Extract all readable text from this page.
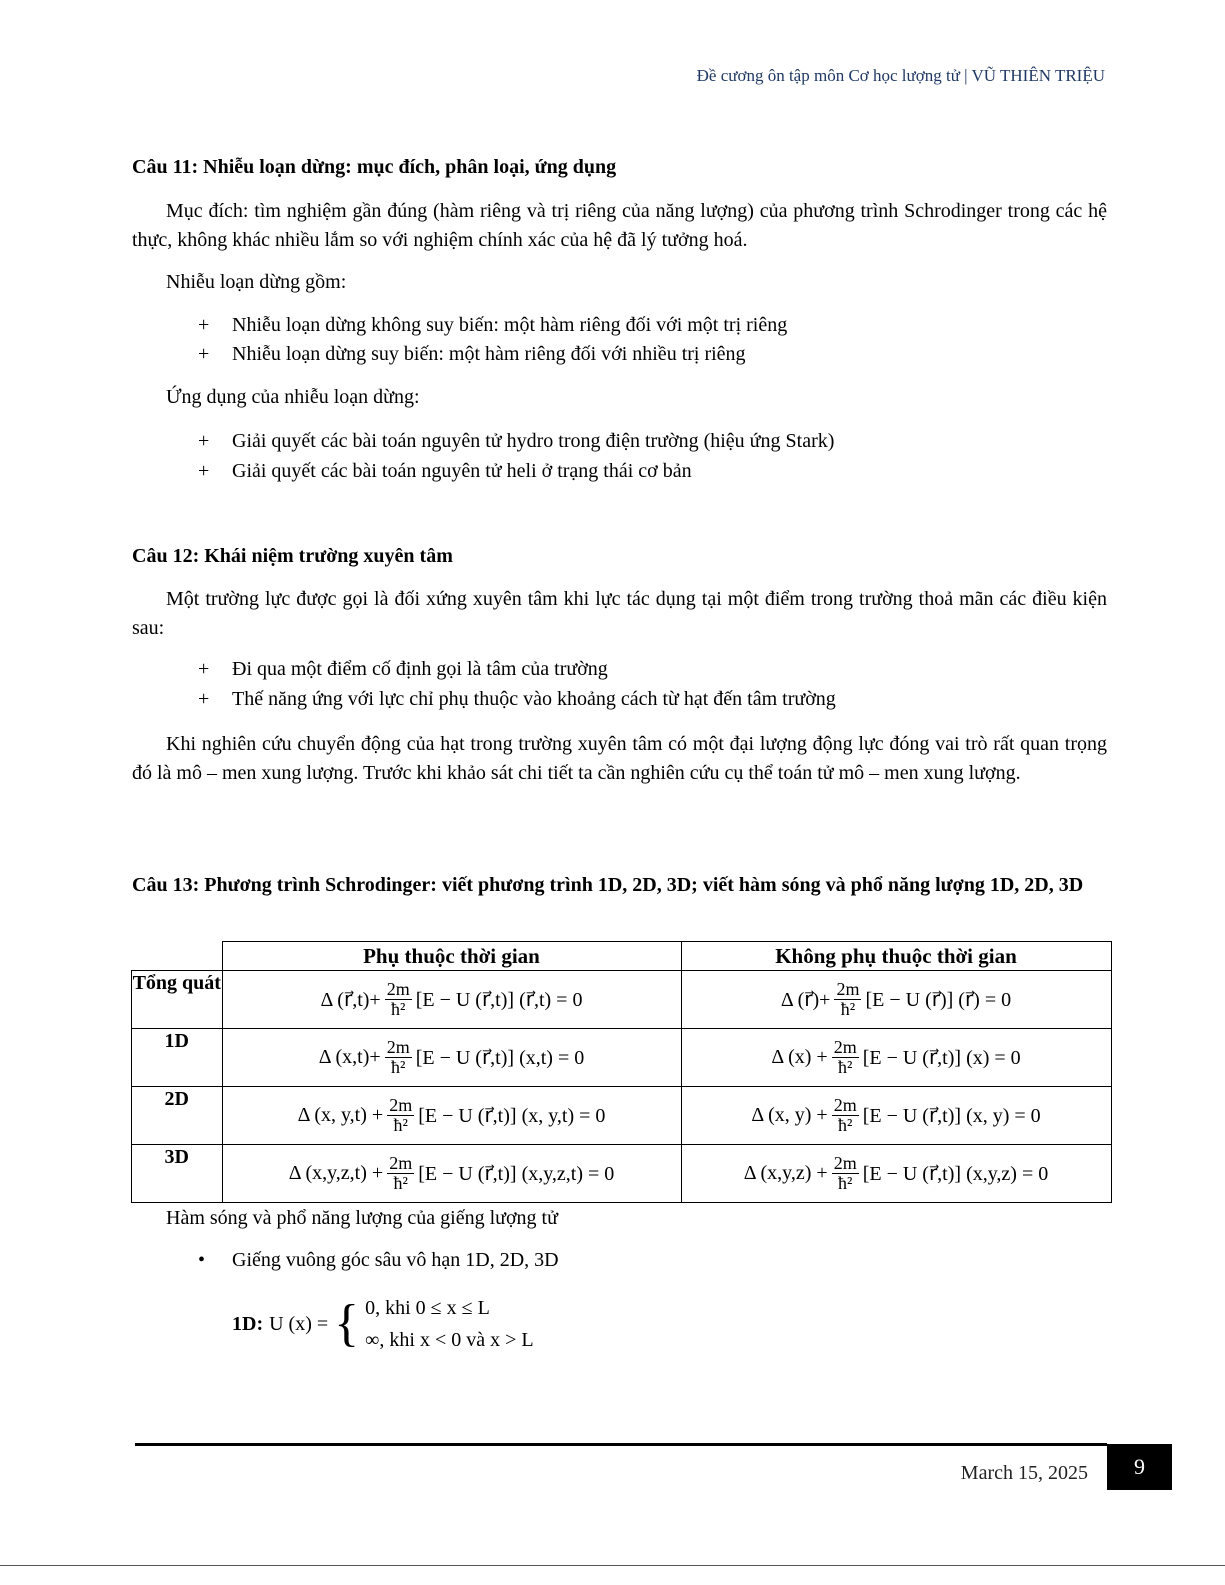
Đề cương ôn tập môn Cơ học lượng tử | VŨ THIÊN TRIỆU
Câu 11: Nhiễu loạn dừng: mục đích, phân loại, ứng dụng
Mục đích: tìm nghiệm gần đúng (hàm riêng và trị riêng của năng lượng) của phương trình Schrodinger trong các hệ thực, không khác nhiều lắm so với nghiệm chính xác của hệ đã lý tưởng hoá.
Nhiễu loạn dừng gồm:
+ Nhiễu loạn dừng không suy biến: một hàm riêng đối với một trị riêng
+ Nhiễu loạn dừng suy biến: một hàm riêng đối với nhiều trị riêng
Ứng dụng của nhiễu loạn dừng:
+ Giải quyết các bài toán nguyên tử hydro trong điện trường (hiệu ứng Stark)
+ Giải quyết các bài toán nguyên tử heli ở trạng thái cơ bản
Câu 12: Khái niệm trường xuyên tâm
Một trường lực được gọi là đối xứng xuyên tâm khi lực tác dụng tại một điểm trong trường thoả mãn các điều kiện sau:
+ Đi qua một điểm cố định gọi là tâm của trường
+ Thế năng ứng với lực chỉ phụ thuộc vào khoảng cách từ hạt đến tâm trường
Khi nghiên cứu chuyển động của hạt trong trường xuyên tâm có một đại lượng động lực đóng vai trò rất quan trọng đó là mô – men xung lượng. Trước khi khảo sát chi tiết ta cần nghiên cứu cụ thể toán tử mô – men xung lượng.
Câu 13: Phương trình Schrodinger: viết phương trình 1D, 2D, 3D; viết hàm sóng và phổ năng lượng 1D, 2D, 3D
	Phụ thuộc thời gian	Không phụ thuộc thời gian
Tổng quát	Δ (r⃗,t)+ $\frac{2m}{\text{ħ²}} [E - U$ (r⃗,t)] (r⃗,t) = 0	Δ (r⃗)+ $\frac{2m}{\text{ħ²}} [E - U$ (r⃗)] (r⃗) = 0

1D	Δ $(x,t)+ \frac{2m}{\text{ħ²}} [E - U$ (r⃗,t)] (x,t) = 0	Δ $(x) + \frac{2m}{\text{ħ²}} [E - U$ (r⃗,t)] (x) = 0

2D	Δ (x, $y,t) + \frac{2m}{\text{ħ²}} [E - U$ (r⃗,t)] (x, y,t) = 0	Δ (x, $y) + \frac{2m}{\text{ħ²}} [E - U$ (r⃗,t)] (x, y) = 0

3D	Δ $(x,y,z,t) + \frac{2m}{\text{ħ²}} [E - U$ (r⃗,t)] (x,y,z,t) = 0	Δ $(x,y,z) + \frac{2m}{\text{ħ²}} [E - U$ (r⃗,t)] (x,y,z) = 0
Hàm sóng và phổ năng lượng của giếng lượng tử
• Giếng vuông góc sâu vô hạn 1D, 2D, 3D
1D: U (x) = { 0, khi 0 ≤ x ≤ L
∞, khi x < 0 và x > L
March 15, 2025	9
